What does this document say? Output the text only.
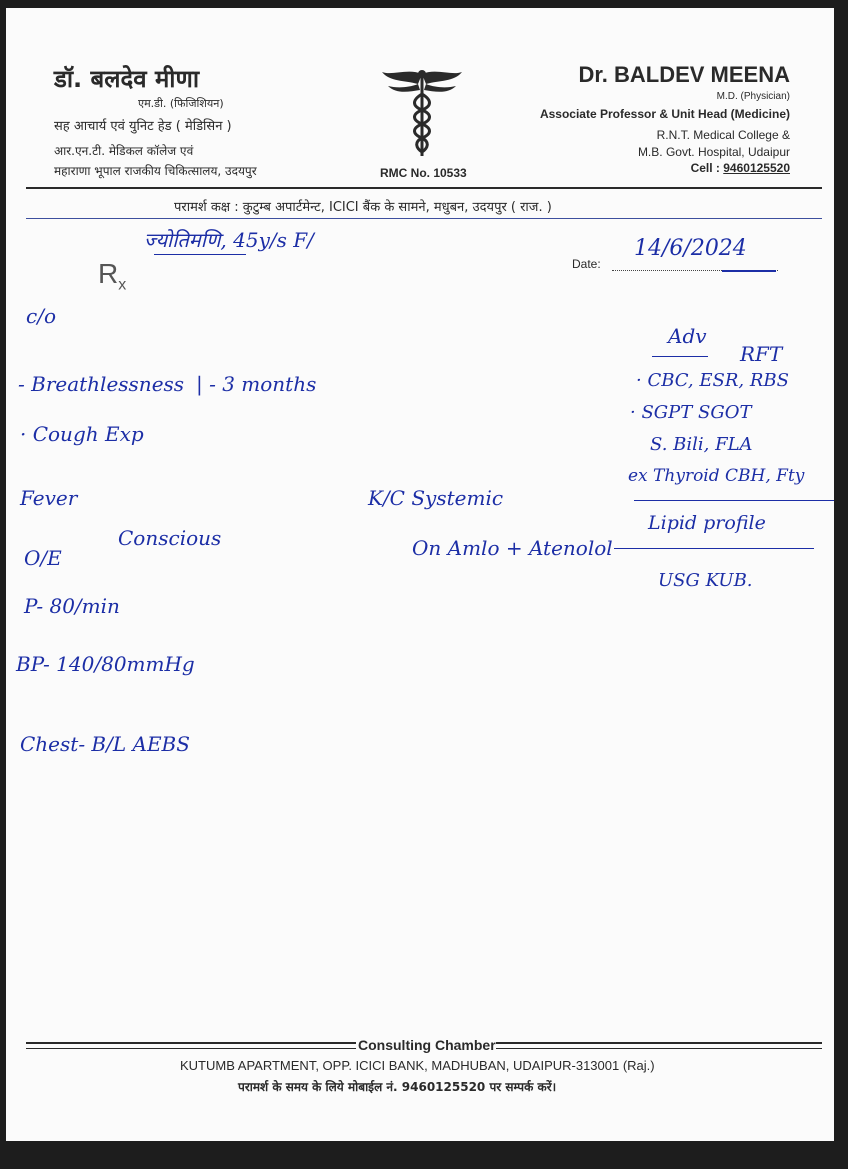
डॉ. बलदेव मीणा
एम.डी. (फिजिशियन)
सह आचार्य एवं युनिट हेड ( मेडिसिन )
आर.एन.टी. मेडिकल कॉलेज एवं
महाराणा भूपाल राजकीय चिकित्सालय, उदयपुर	RMC No. 10533
Dr. BALDEV MEENA
M.D. (Physician)
Associate Professor & Unit Head (Medicine)
R.N.T. Medical College &
M.B. Govt. Hospital, Udaipur
Cell : 9460125520
परामर्श कक्ष : कुटुम्ब अपार्टमेन्ट, ICICI बैंक के सामने, मधुबन, उदयपुर ( राज. )
$R_x$
Date:
ज्योतिमणि, 45y/s F/	14/6/2024
c/o
- Breathlessness | - 3 months
· Cough Exp
Fever
O/E
Conscious
P- 80/min
BP- 140/80mmHg
Chest- B/L AEBS
K/C Systemic
On Amlo + Atenolol
Adv
RFT
· CBC, ESR, RBS
· SGPT SGOT
S. Bili, FLA
ex Thyroid CBH, Fty
Lipid profile
USG KUB.
Consulting Chamber
KUTUMB APARTMENT, OPP. ICICI BANK, MADHUBAN, UDAIPUR-313001 (Raj.)
परामर्श के समय के लिये मोबाईल नं. 9460125520 पर सम्पर्क करें।
